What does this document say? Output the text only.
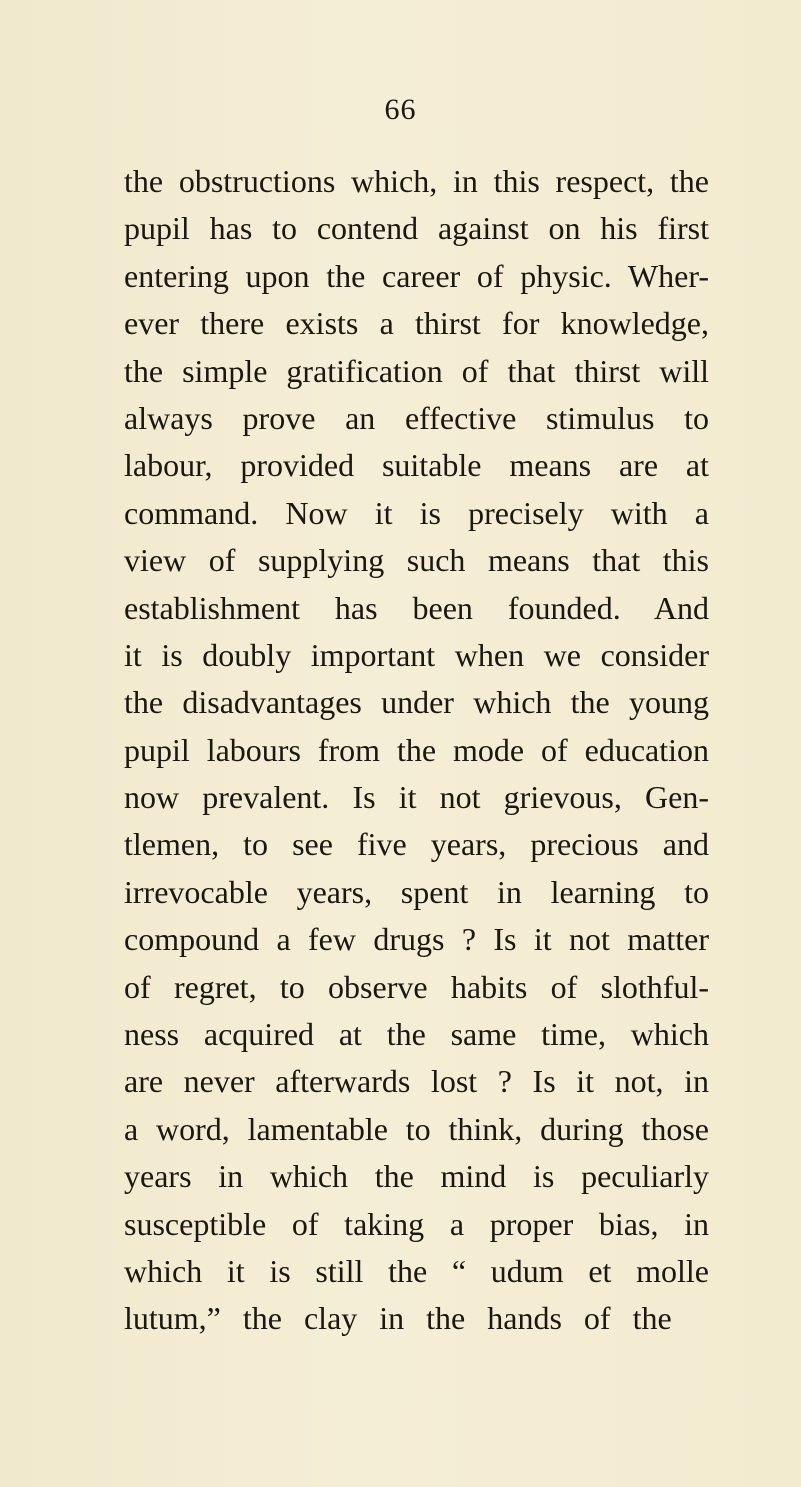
66
the obstructions which, in this respect, the
pupil has to contend against on his first
entering upon the career of physic. Wher-
ever there exists a thirst for knowledge,
the simple gratification of that thirst will
always prove an effective stimulus to
labour, provided suitable means are at
command. Now it is precisely with a
view of supplying such means that this
establishment has been founded. And
it is doubly important when we consider
the disadvantages under which the young
pupil labours from the mode of education
now prevalent. Is it not grievous, Gen-
tlemen, to see five years, precious and
irrevocable years, spent in learning to
compound a few drugs ? Is it not matter
of regret, to observe habits of slothful-
ness acquired at the same time, which
are never afterwards lost ? Is it not, in
a word, lamentable to think, during those
years in which the mind is peculiarly
susceptible of taking a proper bias, in
which it is still the “ udum et molle
lutum,” the clay in the hands of the
